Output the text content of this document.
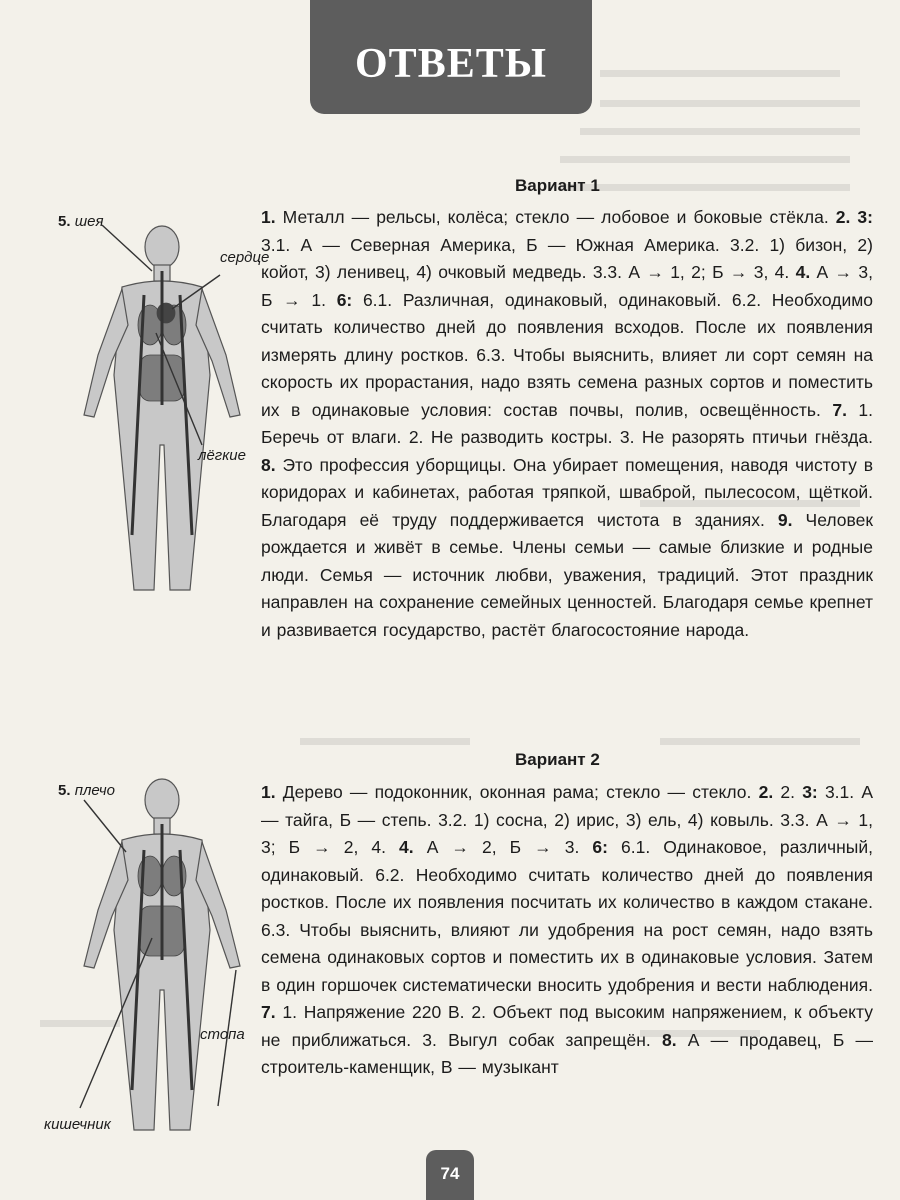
ОТВЕТЫ
Вариант 1
5. шея
сердце
лёгкие

1. Металл — рельсы, колёса; стекло — лобовое и боковые стёкла. 2. 3: 3.1. А — Северная Америка, Б — Южная Америка. 3.2. 1) бизон, 2) койот, 3) ленивец, 4) очковый медведь. 3.3. А → 1, 2; Б → 3, 4. 4. А → 3, Б → 1. 6: 6.1. Различная, одинаковый, одинаковый. 6.2. Необходимо считать количество дней до появления всходов. После их появления измерять длину ростков. 6.3. Чтобы выяснить, влияет ли сорт семян на скорость их прорастания, надо взять семена разных сортов и поместить их в одинаковые условия: состав почвы, полив, освещённость. 7. 1. Беречь от влаги. 2. Не разводить костры. 3. Не разорять птичьи гнёзда. 8. Это профессия уборщицы. Она убирает помещения, наводя чистоту в коридорах и кабинетах, работая тряпкой, шваброй, пылесосом, щёткой. Благодаря её труду поддерживается чистота в зданиях. 9. Человек рождается и живёт в семье. Члены семьи — самые близкие и родные люди. Семья — источник любви, уважения, традиций. Этот праздник направлен на сохранение семейных ценностей. Благодаря семье крепнет и развивается государство, растёт благосостояние народа.

Вариант 2
5. плечо
стопа
кишечник

1. Дерево — подоконник, оконная рама; стекло — стекло. 2. 2. 3: 3.1. А — тайга, Б — степь. 3.2. 1) сосна, 2) ирис, 3) ель, 4) ковыль. 3.3. А → 1, 3; Б → 2, 4. 4. А → 2, Б → 3. 6: 6.1. Одинаковое, различный, одинаковый. 6.2. Необходимо считать количество дней до появления ростков. После их появления посчитать их количество в каждом стакане. 6.3. Чтобы выяснить, влияют ли удобрения на рост семян, надо взять семена одинаковых сортов и поместить их в одинаковые условия. Затем в один горшочек систематически вносить удобрения и вести наблюдения. 7. 1. Напряжение 220 В. 2. Объект под высоким напряжением, к объекту не приближаться. 3. Выгул собак запрещён. 8. А — продавец, Б — строитель-каменщик, В — музыкант

74
